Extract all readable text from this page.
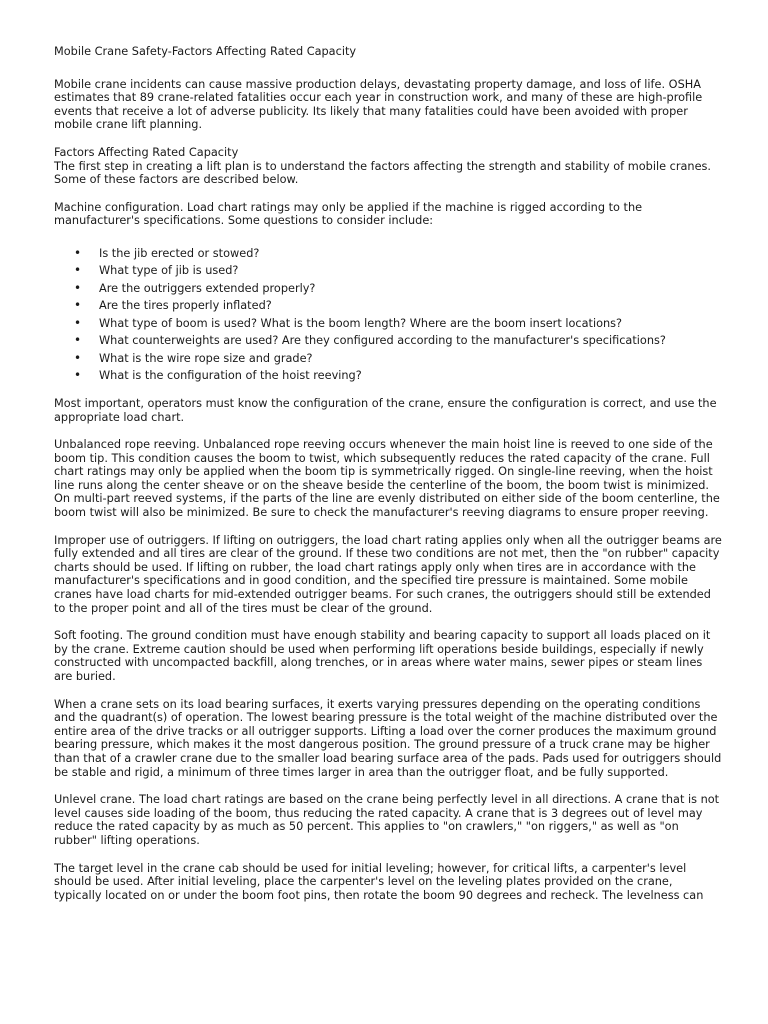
Mobile Crane Safety-Factors Affecting Rated Capacity

Mobile crane incidents can cause massive production delays, devastating property damage, and loss of life. OSHA estimates that 89 crane-related fatalities occur each year in construction work, and many of these are high-profile events that receive a lot of adverse publicity. Its likely that many fatalities could have been avoided with proper mobile crane lift planning.

Factors Affecting Rated Capacity

The first step in creating a lift plan is to understand the factors affecting the strength and stability of mobile cranes. Some of these factors are described below.

Machine configuration. Load chart ratings may only be applied if the machine is rigged according to the manufacturer's specifications. Some questions to consider include:

• Is the jib erected or stowed?
• What type of jib is used?
• Are the outriggers extended properly?
• Are the tires properly inflated?
• What type of boom is used? What is the boom length? Where are the boom insert locations?
• What counterweights are used? Are they configured according to the manufacturer's specifications?
• What is the wire rope size and grade?
• What is the configuration of the hoist reeving?

Most important, operators must know the configuration of the crane, ensure the configuration is correct, and use the appropriate load chart.

Unbalanced rope reeving. Unbalanced rope reeving occurs whenever the main hoist line is reeved to one side of the boom tip. This condition causes the boom to twist, which subsequently reduces the rated capacity of the crane. Full chart ratings may only be applied when the boom tip is symmetrically rigged. On single-line reeving, when the hoist line runs along the center sheave or on the sheave beside the centerline of the boom, the boom twist is minimized. On multi-part reeved systems, if the parts of the line are evenly distributed on either side of the boom centerline, the boom twist will also be minimized. Be sure to check the manufacturer's reeving diagrams to ensure proper reeving.

Improper use of outriggers. If lifting on outriggers, the load chart rating applies only when all the outrigger beams are fully extended and all tires are clear of the ground. If these two conditions are not met, then the "on rubber" capacity charts should be used. If lifting on rubber, the load chart ratings apply only when tires are in accordance with the manufacturer's specifications and in good condition, and the specified tire pressure is maintained. Some mobile cranes have load charts for mid-extended outrigger beams. For such cranes, the outriggers should still be extended to the proper point and all of the tires must be clear of the ground.

Soft footing. The ground condition must have enough stability and bearing capacity to support all loads placed on it by the crane. Extreme caution should be used when performing lift operations beside buildings, especially if newly constructed with uncompacted backfill, along trenches, or in areas where water mains, sewer pipes or steam lines are buried.

When a crane sets on its load bearing surfaces, it exerts varying pressures depending on the operating conditions and the quadrant(s) of operation. The lowest bearing pressure is the total weight of the machine distributed over the entire area of the drive tracks or all outrigger supports. Lifting a load over the corner produces the maximum ground bearing pressure, which makes it the most dangerous position. The ground pressure of a truck crane may be higher than that of a crawler crane due to the smaller load bearing surface area of the pads. Pads used for outriggers should be stable and rigid, a minimum of three times larger in area than the outrigger float, and be fully supported.

Unlevel crane. The load chart ratings are based on the crane being perfectly level in all directions. A crane that is not level causes side loading of the boom, thus reducing the rated capacity. A crane that is 3 degrees out of level may reduce the rated capacity by as much as 50 percent. This applies to "on crawlers," "on riggers," as well as "on rubber" lifting operations.

The target level in the crane cab should be used for initial leveling; however, for critical lifts, a carpenter's level should be used. After initial leveling, place the carpenter's level on the leveling plates provided on the crane, typically located on or under the boom foot pins, then rotate the boom 90 degrees and recheck. The levelness can
